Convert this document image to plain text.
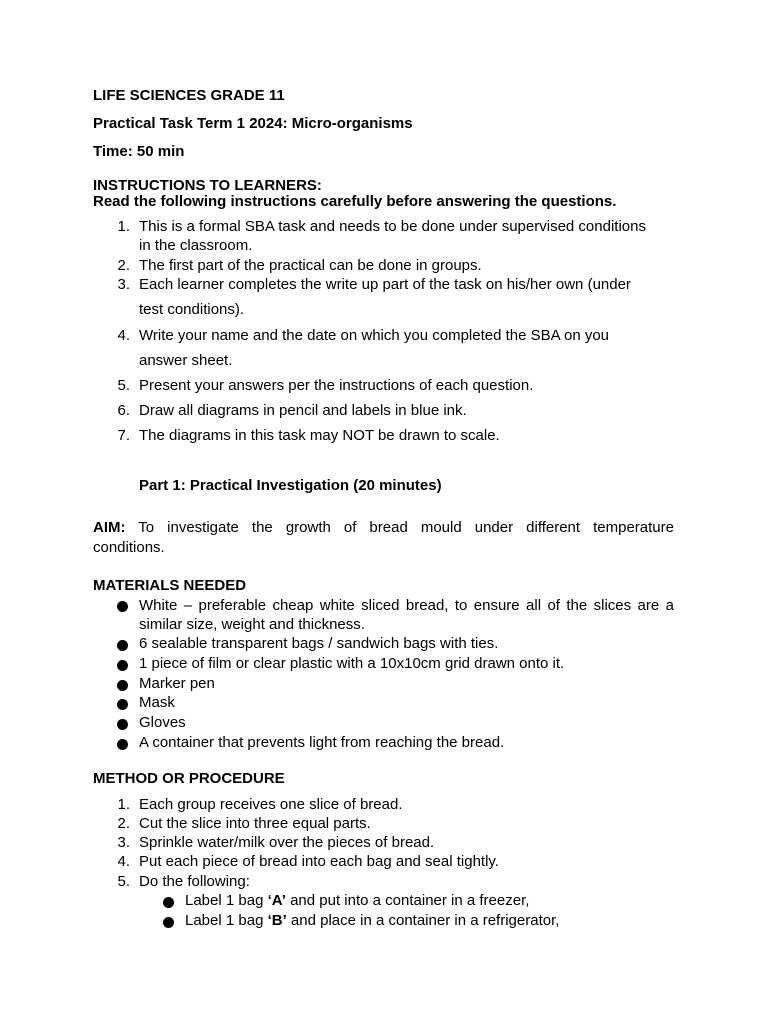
LIFE SCIENCES GRADE 11
Practical Task Term 1 2024: Micro-organisms
Time: 50 min
INSTRUCTIONS TO LEARNERS:
Read the following instructions carefully before answering the questions.
1. This is a formal SBA task and needs to be done under supervised conditions
in the classroom.
2. The first part of the practical can be done in groups.
3. Each learner completes the write up part of the task on his/her own (under
test conditions).
4. Write your name and the date on which you completed the SBA on you
answer sheet.
5. Present your answers per the instructions of each question.
6. Draw all diagrams in pencil and labels in blue ink.
7. The diagrams in this task may NOT be drawn to scale.
Part 1: Practical Investigation (20 minutes)
AIM: To investigate the growth of bread mould under different temperature
conditions.
MATERIALS NEEDED
White – preferable cheap white sliced bread, to ensure all of the slices are a
similar size, weight and thickness.
6 sealable transparent bags / sandwich bags with ties.
1 piece of film or clear plastic with a 10x10cm grid drawn onto it.
Marker pen
Mask
Gloves
A container that prevents light from reaching the bread.
METHOD OR PROCEDURE
1. Each group receives one slice of bread.
2. Cut the slice into three equal parts.
3. Sprinkle water/milk over the pieces of bread.
4. Put each piece of bread into each bag and seal tightly.
5. Do the following:
Label 1 bag ‘A’ and put into a container in a freezer,
Label 1 bag ‘B’ and place in a container in a refrigerator,
